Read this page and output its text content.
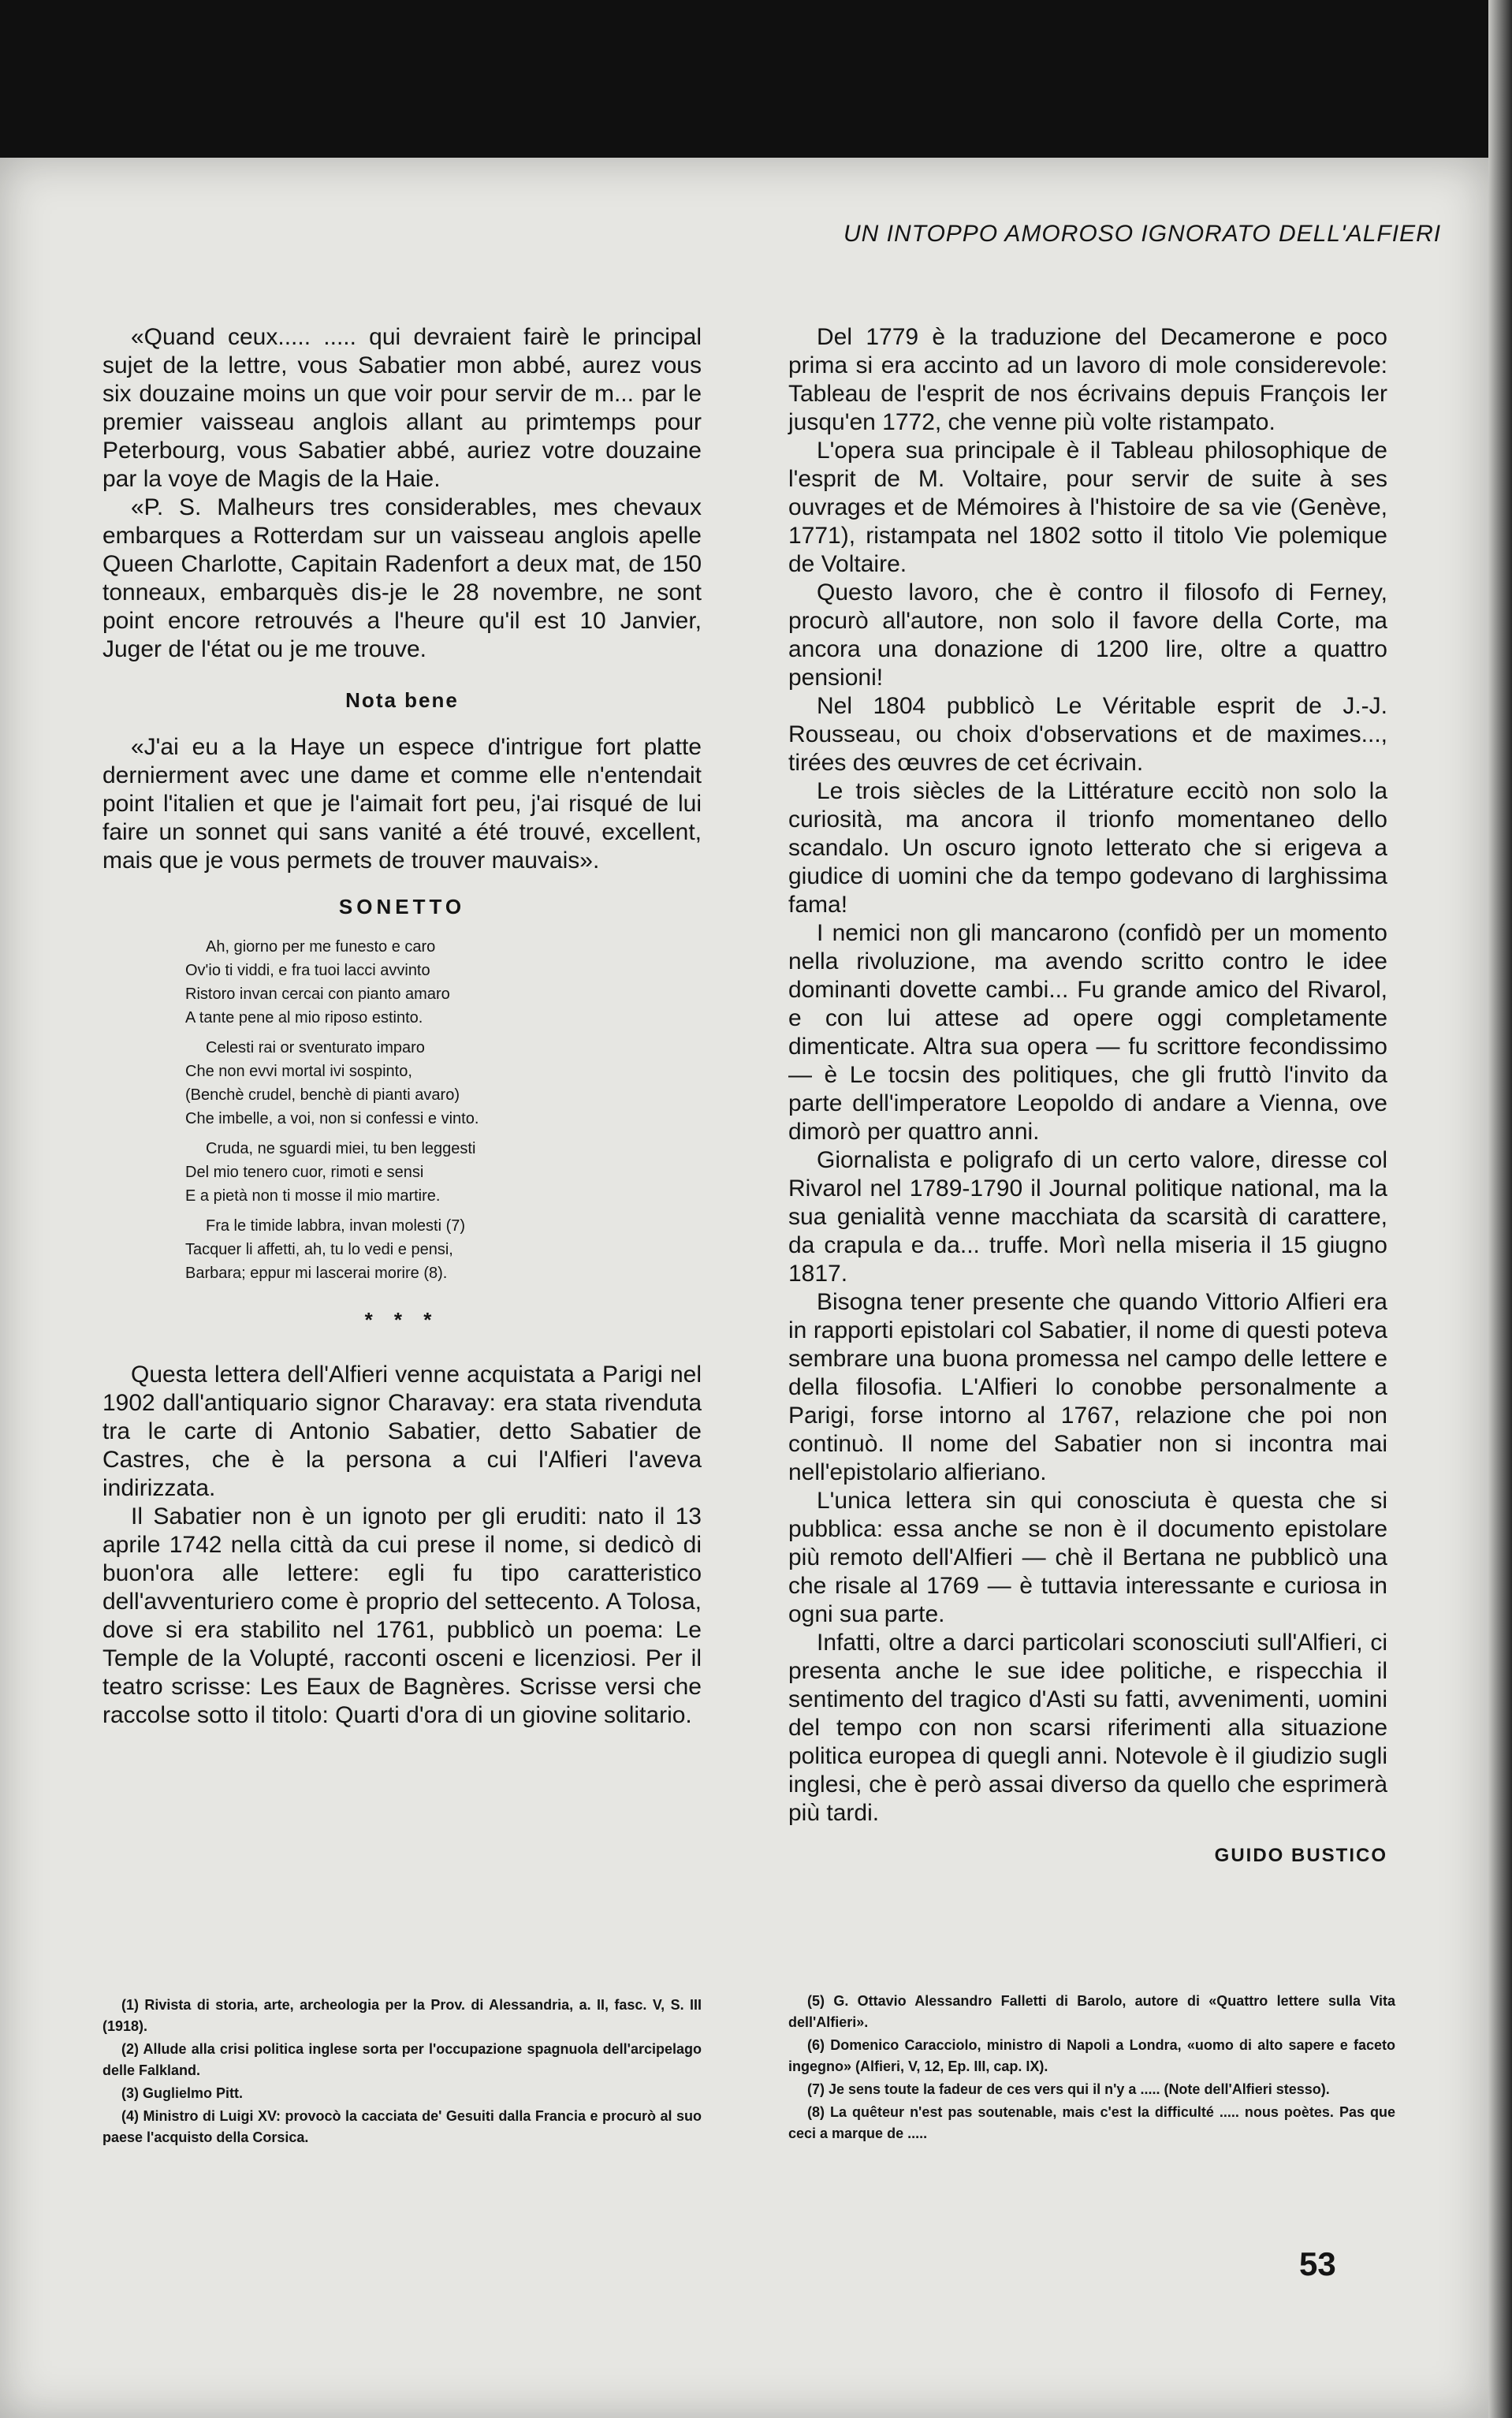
UN INTOPPO AMOROSO IGNORATO DELL'ALFIERI

«Quand ceux..... ..... qui devraient fairè le principal sujet de la lettre, vous Sabatier mon abbé, aurez vous six douzaine moins un que voir pour servir de m... par le premier vaisseau anglois allant au primtemps pour Peterbourg, vous Sabatier abbé, auriez votre douzaine par la voye de Magis de la Haie.

«P. S. Malheurs tres considerables, mes chevaux embarques a Rotterdam sur un vaisseau anglois apelle Queen Charlotte, Capitain Radenfort a deux mat, de 150 tonneaux, embarquès dis-je le 28 novembre, ne sont point encore retrouvés a l'heure qu'il est 10 Janvier, Juger de l'état ou je me trouve.

Nota bene

«J'ai eu a la Haye un espece d'intrigue fort platte dernierment avec une dame et comme elle n'entendait point l'italien et que je l'aimait fort peu, j'ai risqué de lui faire un sonnet qui sans vanité a été trouvé, excellent, mais que je vous permets de trouver mauvais».

SONETTO
Ah, giorno per me funesto e caro
Ov'io ti viddi, e fra tuoi lacci avvinto
Ristoro invan cercai con pianto amaro
A tante pene al mio riposo estinto.
Celesti rai or sventurato imparo
Che non evvi mortal ivi sospinto,
(Benchè crudel, benchè di pianti avaro)
Che imbelle, a voi, non si confessi e vinto.
Cruda, ne sguardi miei, tu ben leggesti
Del mio tenero cuor, rimoti e sensi
E a pietà non ti mosse il mio martire.
Fra le timide labbra, invan molesti (7)
Tacquer li affetti, ah, tu lo vedi e pensi,
Barbara; eppur mi lascerai morire (8).
* * *

Questa lettera dell'Alfieri venne acquistata a Parigi nel 1902 dall'antiquario signor Charavay: era stata rivenduta tra le carte di Antonio Sabatier, detto Sabatier de Castres, che è la persona a cui l'Alfieri l'aveva indirizzata.

Il Sabatier non è un ignoto per gli eruditi: nato il 13 aprile 1742 nella città da cui prese il nome, si dedicò di buon'ora alle lettere: egli fu tipo caratteristico dell'avventuriero come è proprio del settecento. A Tolosa, dove si era stabilito nel 1761, pubblicò un poema: Le Temple de la Volupté, racconti osceni e licenziosi. Per il teatro scrisse: Les Eaux de Bagnères. Scrisse versi che raccolse sotto il titolo: Quarti d'ora di un giovine solitario.

Del 1779 è la traduzione del Decamerone e poco prima si era accinto ad un lavoro di mole considerevole: Tableau de l'esprit de nos écrivains depuis François Ier jusqu'en 1772, che venne più volte ristampato.

L'opera sua principale è il Tableau philosophique de l'esprit de M. Voltaire, pour servir de suite à ses ouvrages et de Mémoires à l'histoire de sa vie (Genève, 1771), ristampata nel 1802 sotto il titolo Vie polemique de Voltaire.

Questo lavoro, che è contro il filosofo di Ferney, procurò all'autore, non solo il favore della Corte, ma ancora una donazione di 1200 lire, oltre a quattro pensioni!

Nel 1804 pubblicò Le Véritable esprit de J.-J. Rousseau, ou choix d'observations et de maximes..., tirées des œuvres de cet écrivain.

Le trois siècles de la Littérature eccitò non solo la curiosità, ma ancora il trionfo momentaneo dello scandalo. Un oscuro ignoto letterato che si erigeva a giudice di uomini che da tempo godevano di larghissima fama!

I nemici non gli mancarono (confidò per un momento nella rivoluzione, ma avendo scritto contro le idee dominanti dovette cambi... Fu grande amico del Rivarol, e con lui attese ad opere oggi completamente dimenticate. Altra sua opera — fu scrittore fecondissimo — è Le tocsin des politiques, che gli fruttò l'invito da parte dell'imperatore Leopoldo di andare a Vienna, ove dimorò per quattro anni.

Giornalista e poligrafo di un certo valore, diresse col Rivarol nel 1789-1790 il Journal politique national, ma la sua genialità venne macchiata da scarsità di carattere, da crapula e da... truffe. Morì nella miseria il 15 giugno 1817.

Bisogna tener presente che quando Vittorio Alfieri era in rapporti epistolari col Sabatier, il nome di questi poteva sembrare una buona promessa nel campo delle lettere e della filosofia. L'Alfieri lo conobbe personalmente a Parigi, forse intorno al 1767, relazione che poi non continuò. Il nome del Sabatier non si incontra mai nell'epistolario alfieriano.

L'unica lettera sin qui conosciuta è questa che si pubblica: essa anche se non è il documento epistolare più remoto dell'Alfieri — chè il Bertana ne pubblicò una che risale al 1769 — è tuttavia interessante e curiosa in ogni sua parte.

Infatti, oltre a darci particolari sconosciuti sull'Alfieri, ci presenta anche le sue idee politiche, e rispecchia il sentimento del tragico d'Asti su fatti, avvenimenti, uomini del tempo con non scarsi riferimenti alla situazione politica europea di quegli anni. Notevole è il giudizio sugli inglesi, che è però assai diverso da quello che esprimerà più tardi.

GUIDO BUSTICO

(1) Rivista di storia, arte, archeologia per la Prov. di Alessandria, a. II, fasc. V, S. III (1918).

(2) Allude alla crisi politica inglese sorta per l'occupazione spagnuola dell'arcipelago delle Falkland.

(3) Guglielmo Pitt.

(4) Ministro di Luigi XV: provocò la cacciata de' Gesuiti dalla Francia e procurò al suo paese l'acquisto della Corsica.

(5) G. Ottavio Alessandro Falletti di Barolo, autore di «Quattro lettere sulla Vita dell'Alfieri».

(6) Domenico Caracciolo, ministro di Napoli a Londra, «uomo di alto sapere e faceto ingegno» (Alfieri, V, 12, Ep. III, cap. IX).

(7) Je sens toute la fadeur de ces vers qui il n'y a ..... (Note dell'Alfieri stesso).

(8) La quêteur n'est pas soutenable, mais c'est la difficulté ..... nous poètes. Pas que ceci a marque de .....

53
